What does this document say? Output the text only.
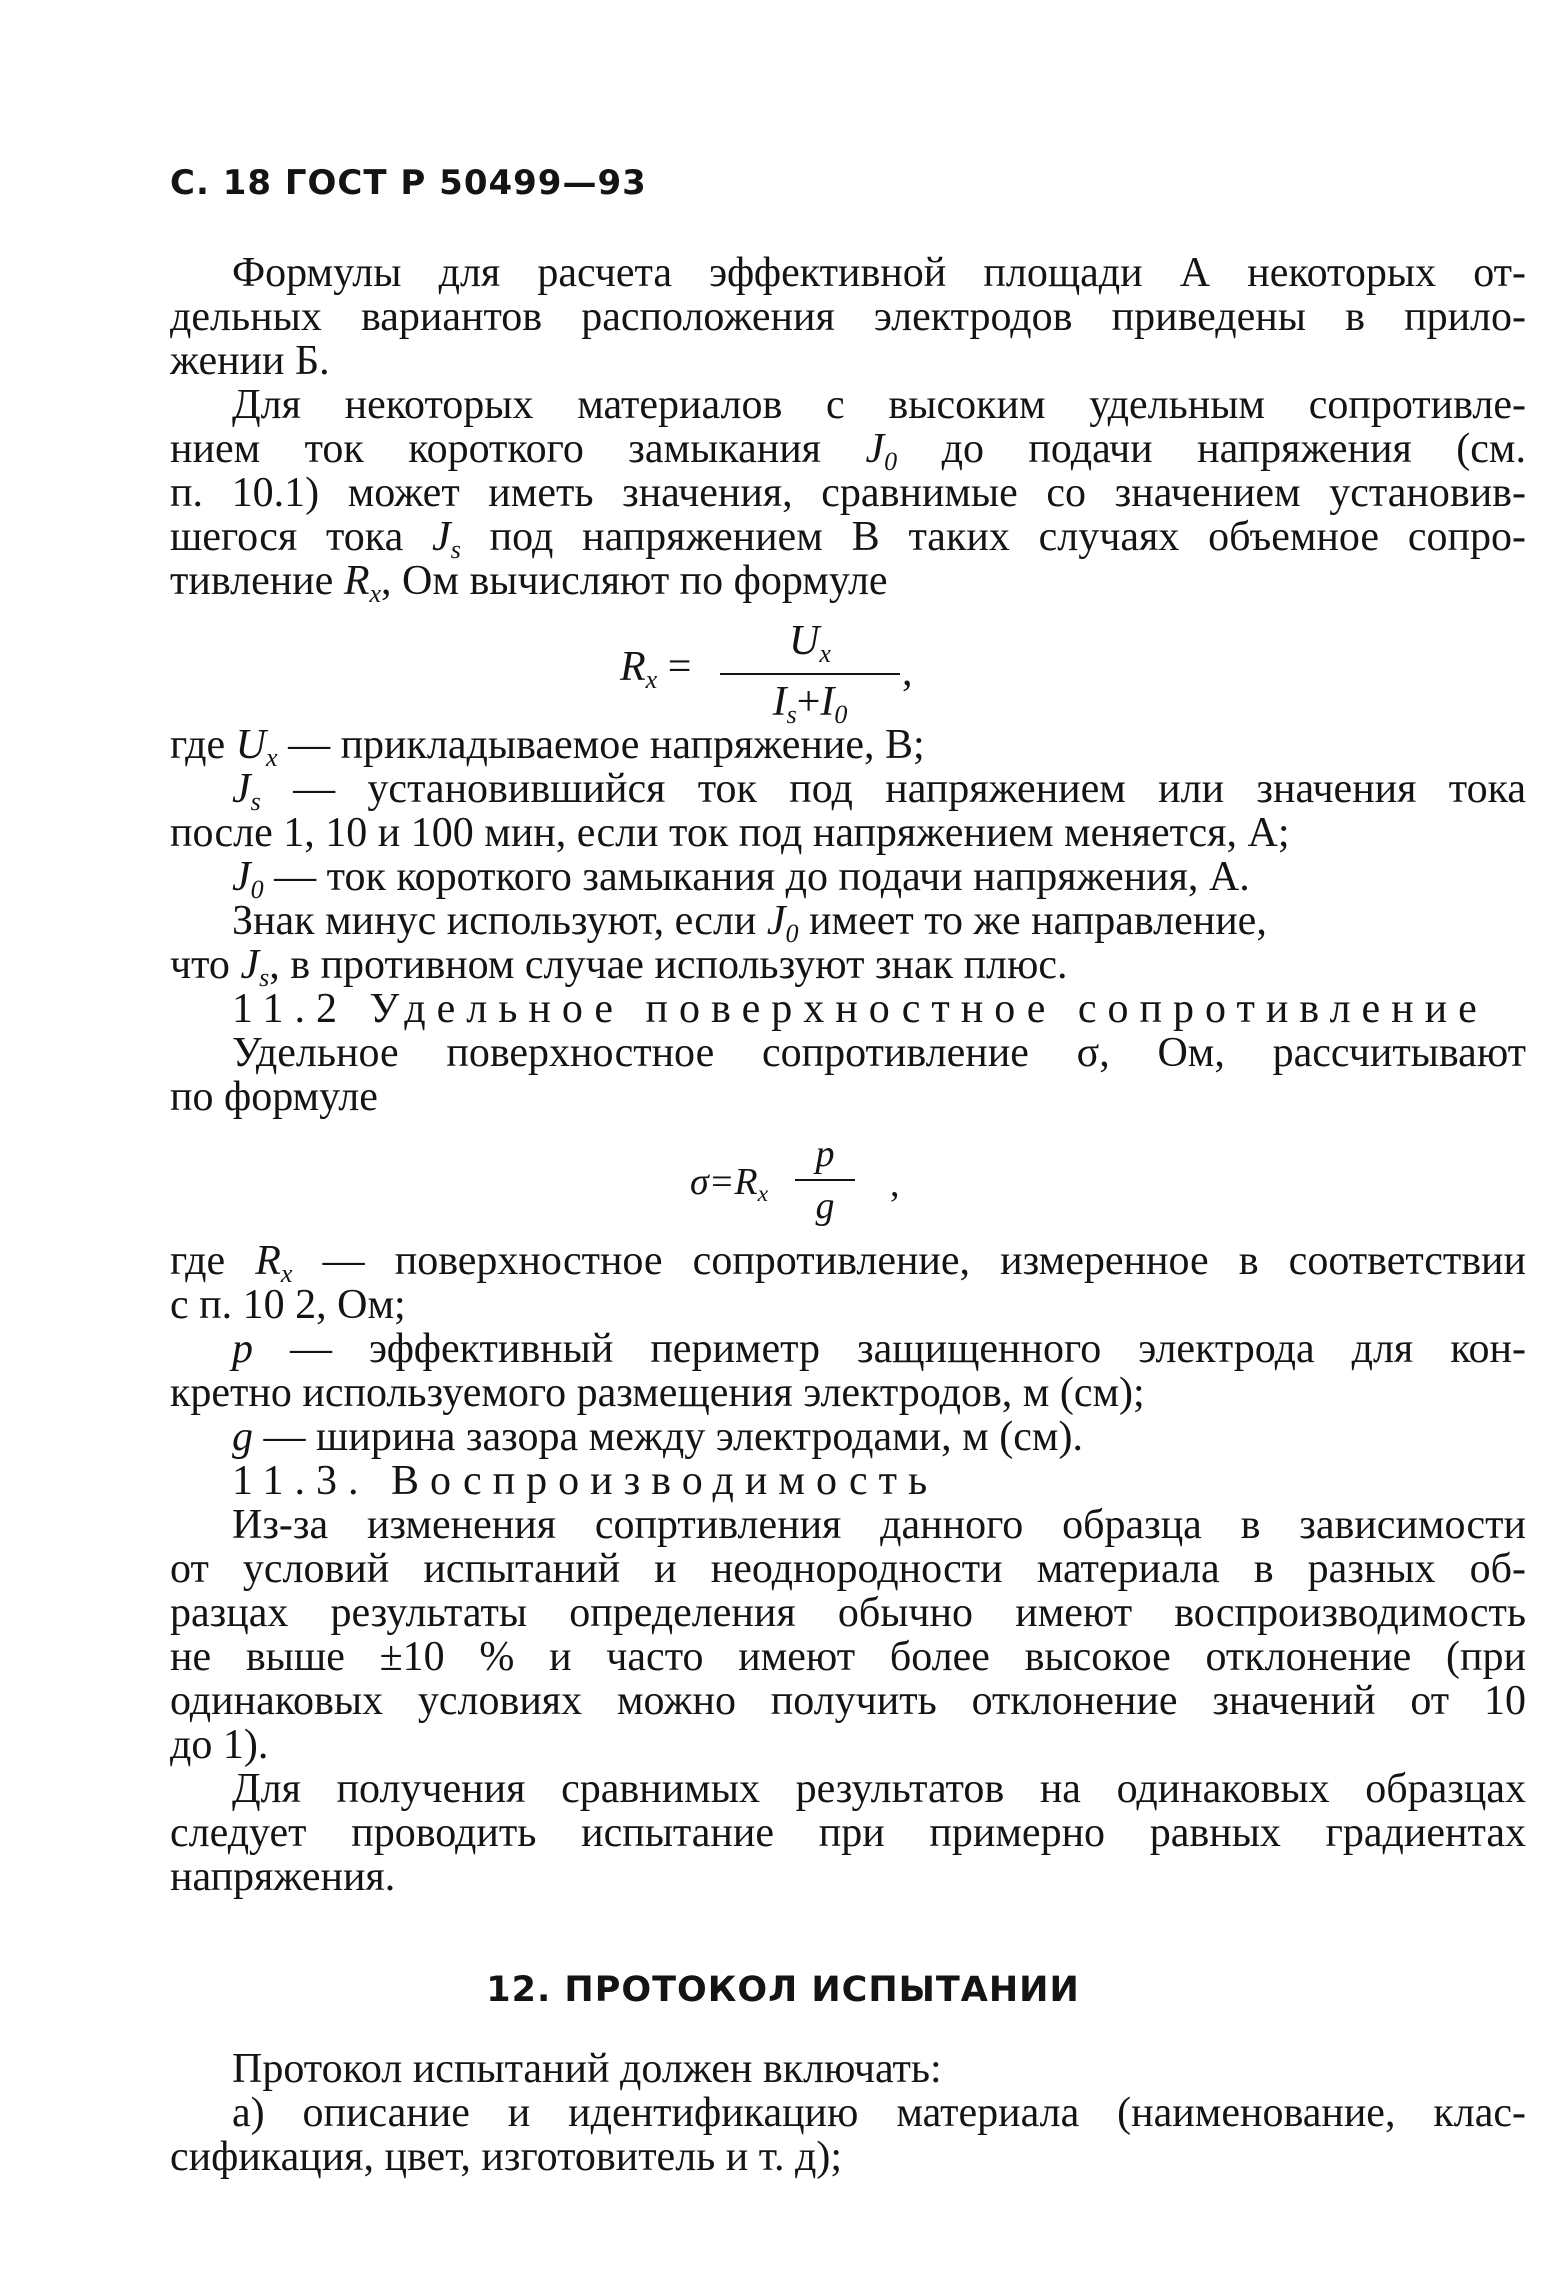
С. 18 ГОСТ Р 50499—93
Формулы для расчета эффективной площади А некоторых от-
дельных вариантов расположения электродов приведены в прило-
жении Б.
Для некоторых материалов с высоким удельным сопротивле-
нием ток короткого замыкания $J_0$ до подачи напряжения (см.
п. 10.1) может иметь значения, сравнимые со значением установив-
шегося тока $J_s$ под напряжением В таких случаях объемное сопро-
тивление $R_x$, Ом вычисляют по формуле
$R_x$ =
$U_x$
$I_s+I_0$
,
где $U_x$ — прикладываемое напряжение, В;
$J_s$ — установившийся ток под напряжением или значения тока
после 1, 10 и 100 мин, если ток под напряжением меняется, А;
$J_0$ — ток короткого замыкания до подачи напряжения, А.
Знак минус используют, если $J_0$ имеет то же направление,
что $J_s$, в противном случае используют знак плюс.
11.2 Удельное поверхностное сопротивление
Удельное поверхностное сопротивление σ, Ом, рассчитывают
по формуле
$\sigma=R_x$
p
g
,
где $R_x$ — поверхностное сопротивление, измеренное в соответствии
с п. 10 2, Ом;
p — эффективный периметр защищенного электрода для кон-
кретно используемого размещения электродов, м (см);
g — ширина зазора между электродами, м (см).
11.3. Воспроизводимость
Из-за изменения сопртивления данного образца в зависимости
от условий испытаний и неоднородности материала в разных об-
разцах результаты определения обычно имеют воспроизводимость
не выше ±10 % и часто имеют более высокое отклонение (при
одинаковых условиях можно получить отклонение значений от 10
до 1).
Для получения сравнимых результатов на одинаковых образцах
следует проводить испытание при примерно равных градиентах
напряжения.
12. ПРОТОКОЛ ИСПЫТАНИИ
Протокол испытаний должен включать:
а) описание и идентификацию материала (наименование, клас-
сификация, цвет, изготовитель и т. д);
